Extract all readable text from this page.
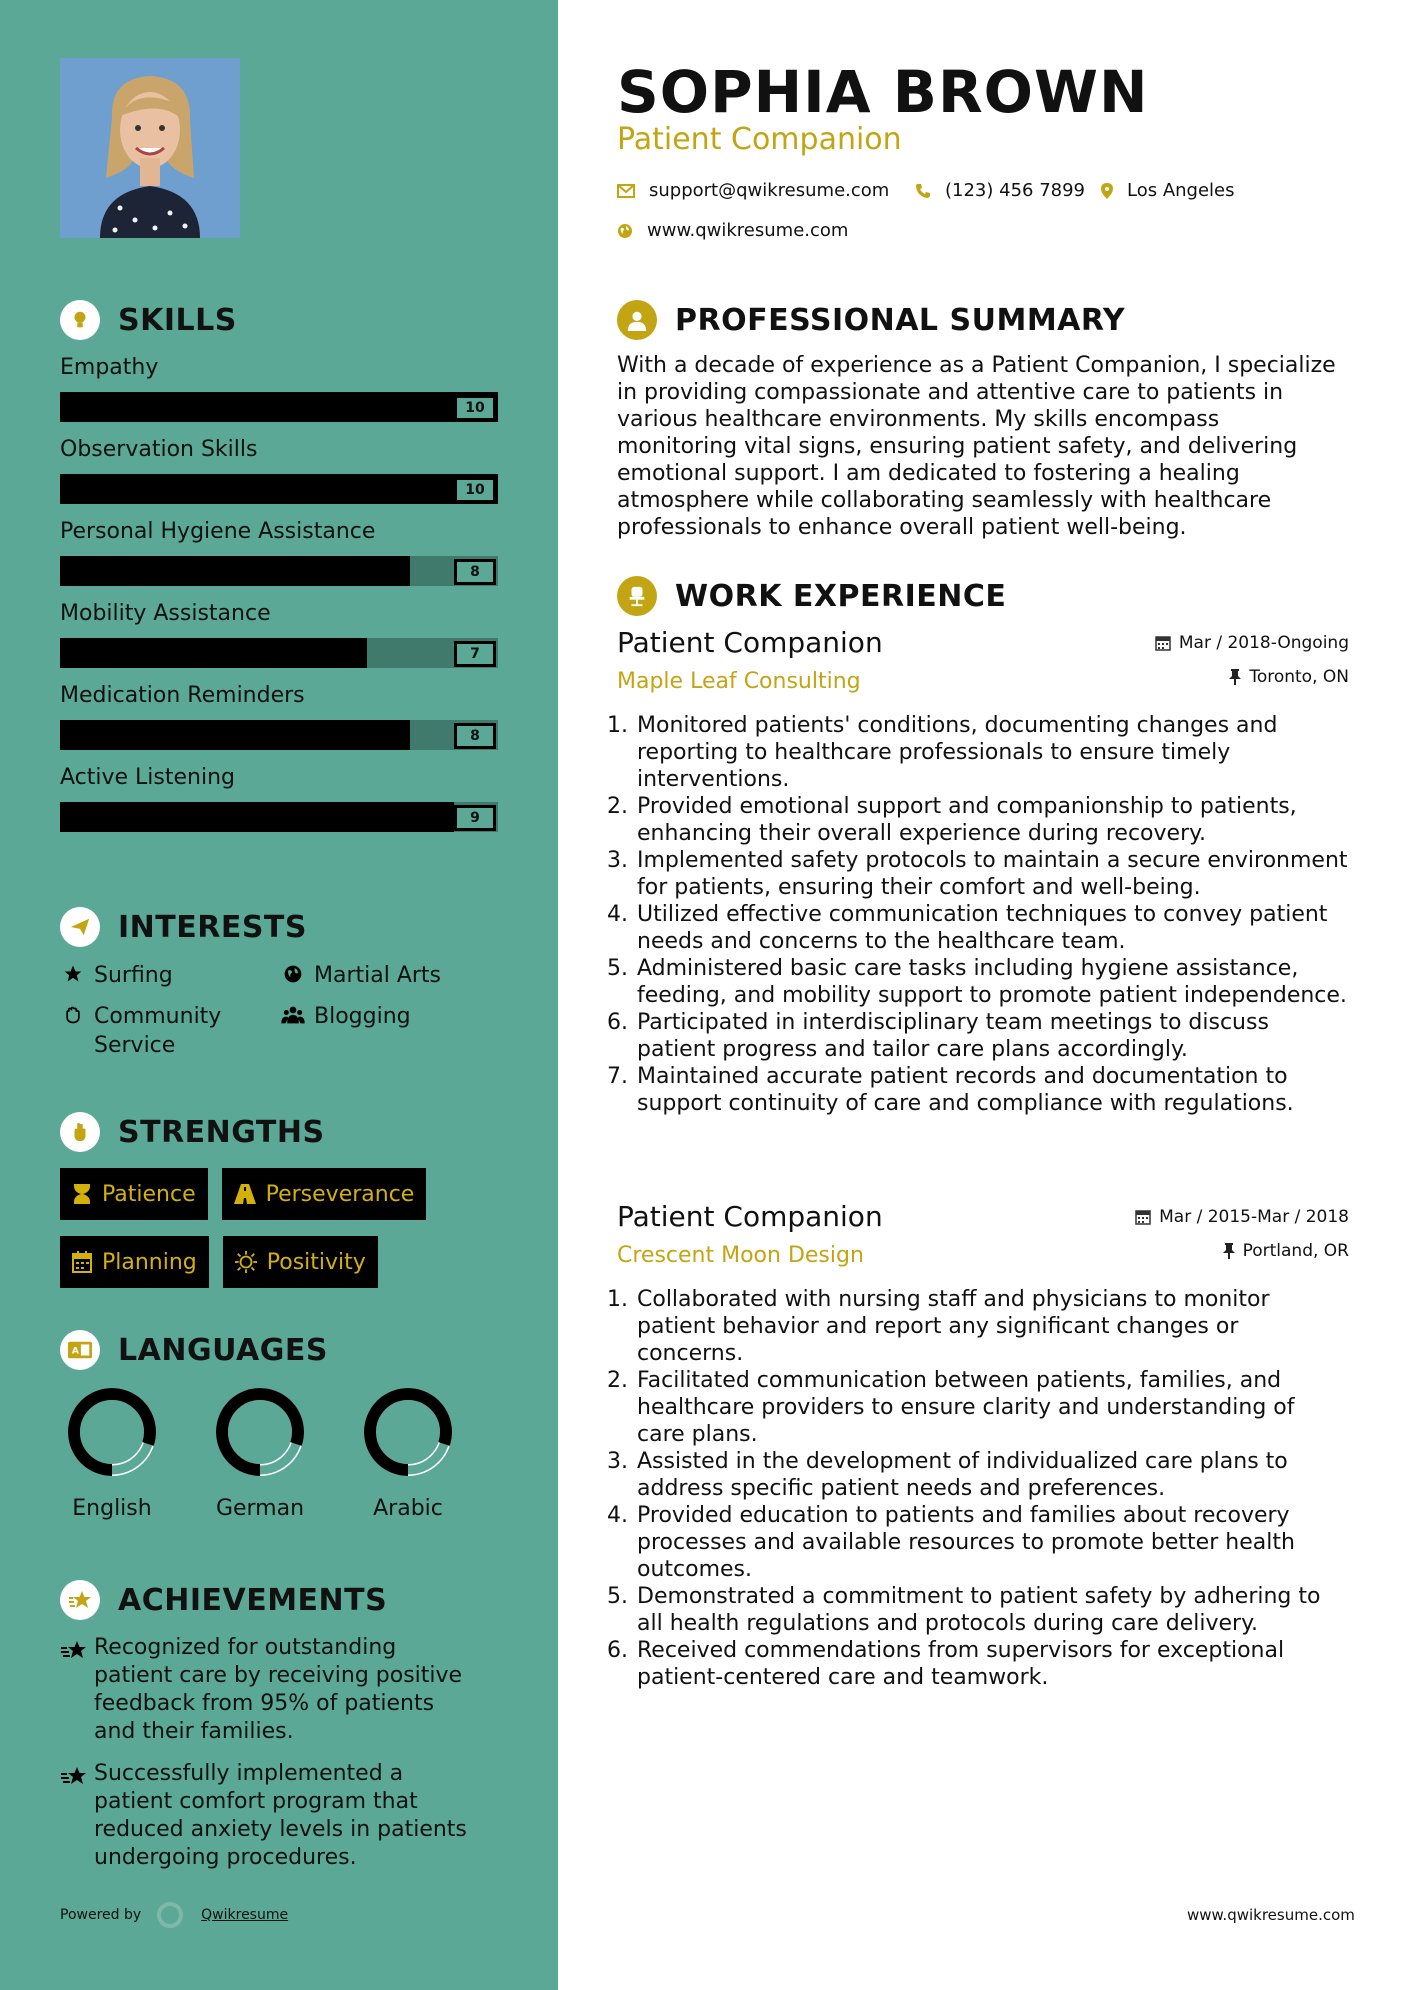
SKILLS
Empathy
10
Observation Skills
10
Personal Hygiene Assistance
8
Mobility Assistance
7
Medication Reminders
8
Active Listening
9
INTERESTS
Surfing	Martial Arts
Community Service
Blogging
STRENGTHS
Patience	Perseverance
Planning	Positivity
A LANGUAGES
English	German	Arabic
ACHIEVEMENTS
Recognized for outstanding patient care by receiving positive feedback from 95% of patients and their families.
Successfully implemented a patient comfort program that reduced anxiety levels in patients undergoing procedures.
Powered by	Qwikresume
SOPHIA BROWN
Patient Companion
support@qwikresume.com	(123) 456 7899 Los Angeles
www.qwikresume.com
PROFESSIONAL SUMMARY
With a decade of experience as a Patient Companion, I specialize in providing compassionate and attentive care to patients in various healthcare environments. My skills encompass monitoring vital signs, ensuring patient safety, and delivering emotional support. I am dedicated to fostering a healing atmosphere while collaborating seamlessly with healthcare professionals to enhance overall patient well-being.
WORK EXPERIENCE
Patient Companion
Maple Leaf Consulting
Mar / 2018-Ongoing
Toronto, ON
1. Monitored patients' conditions, documenting changes and reporting to healthcare professionals to ensure timely interventions.
2. Provided emotional support and companionship to patients, enhancing their overall experience during recovery.
3. Implemented safety protocols to maintain a secure environment for patients, ensuring their comfort and well-being.
4. Utilized effective communication techniques to convey patient needs and concerns to the healthcare team.
5. Administered basic care tasks including hygiene assistance, feeding, and mobility support to promote patient independence.
6. Participated in interdisciplinary team meetings to discuss patient progress and tailor care plans accordingly.
7. Maintained accurate patient records and documentation to support continuity of care and compliance with regulations.
Patient Companion
Crescent Moon Design
Mar / 2015-Mar / 2018
Portland, OR
1. Collaborated with nursing staff and physicians to monitor patient behavior and report any significant changes or concerns.
2. Facilitated communication between patients, families, and healthcare providers to ensure clarity and understanding of care plans.
3. Assisted in the development of individualized care plans to address specific patient needs and preferences.
4. Provided education to patients and families about recovery processes and available resources to promote better health outcomes.
5. Demonstrated a commitment to patient safety by adhering to all health regulations and protocols during care delivery.
6. Received commendations from supervisors for exceptional patient-centered care and teamwork.
www.qwikresume.com
